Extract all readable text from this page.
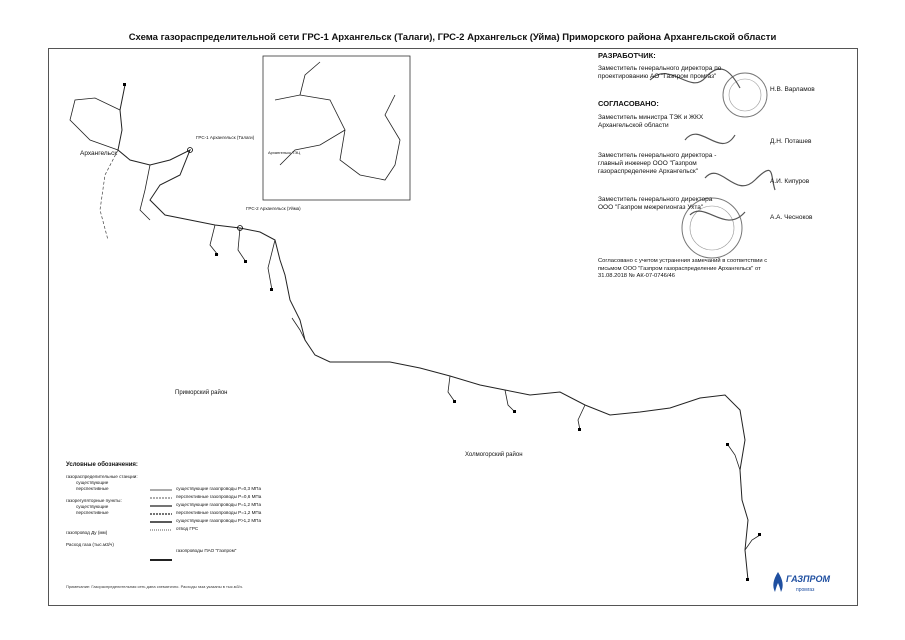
Схема газораспределительной сети ГРС-1 Архангельск (Талаги), ГРС-2 Архангельск (Уйма) Приморского района Архангельской области
Архангельск
Приморский район
Холмогорский район
ГРС-1 Архангельск (Талаги)
ГРС-2 Архангельск (Уйма)
Архангельск ТЭЦ
РАЗРАБОТЧИК:
Заместитель генерального директора по проектированию АО "Газпром промгаз"
Н.В. Варламов
СОГЛАСОВАНО:
Заместитель министра ТЭК и ЖКХ Архангельской области
Д.Н. Поташев
Заместитель генерального директора - главный инженер ООО "Газпром газораспределение Архангельск"
А.И. Кипуров
Заместитель генерального директора ООО "Газпром межрегионгаз Ухта"
А.А. Чесноков
Согласовано с учетом устранения замечаний в соответствии с письмом ООО "Газпром газораспределение Архангельск" от 31.08.2018 № АК-07-0746/46
Условные обозначения:
газораспределительные станции:
существующие
перспективные
газорегуляторные пункты:
существующие
перспективные
газопровод Ду (мм)
Расход газа (тыс.м3/ч)
существующие газопроводы Р=0,3 МПа
перспективные газопроводы Р=0,6 МПа
существующие газопроводы Р=1,2 МПа
перспективные газопроводы Р=1,2 МПа
существующие газопроводы Р>1,2 МПа
отвод ГРС
газопроводы ПАО "Газпром"
Примечание: Газораспределительная сеть дана схематично. Расходы газа указаны в тыс.м3/ч.
ГАЗПРОМ
промгаз
